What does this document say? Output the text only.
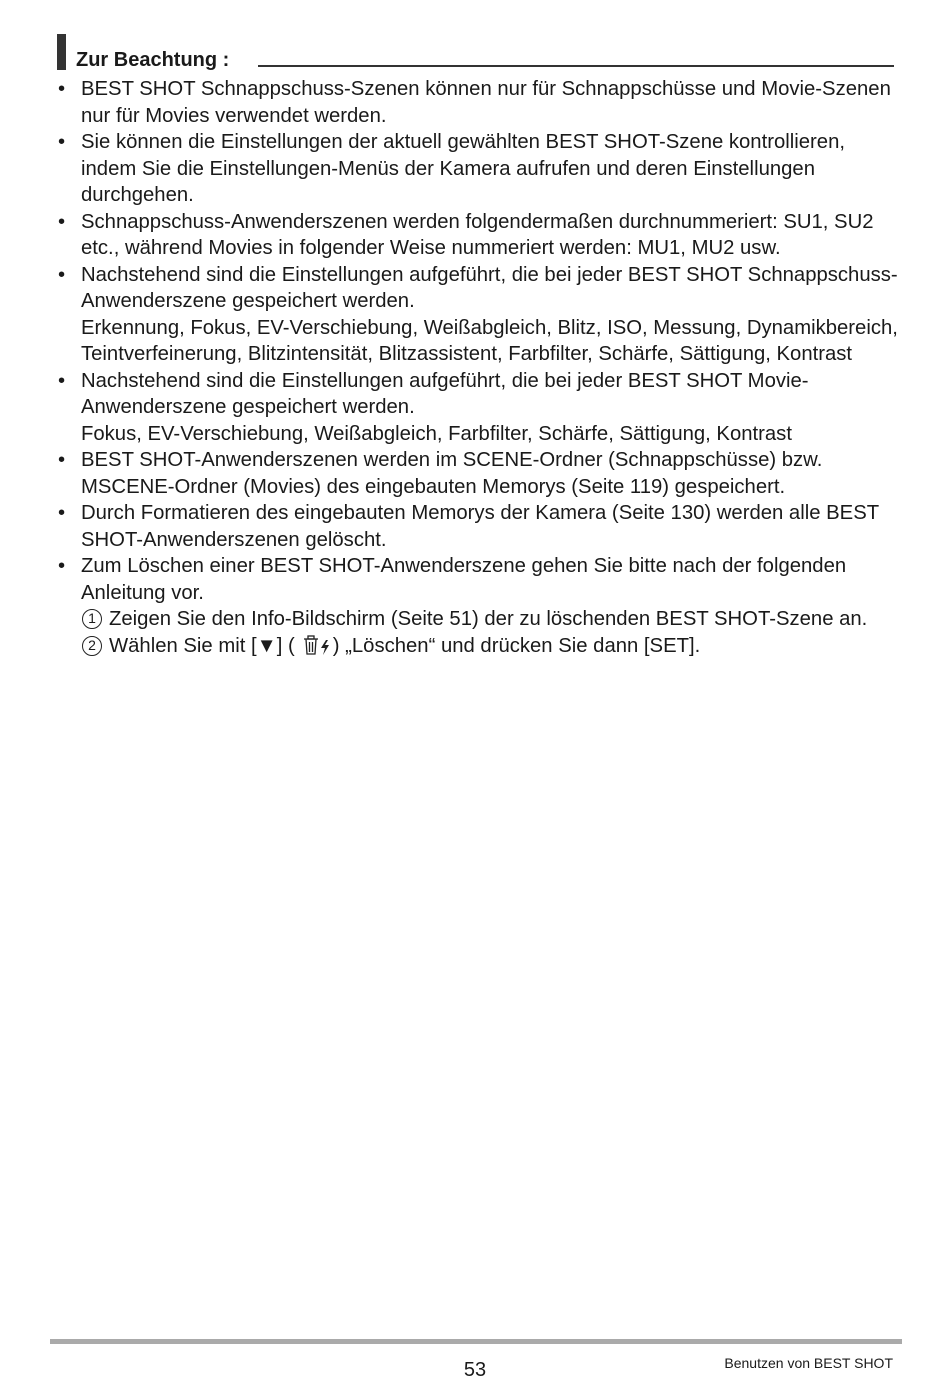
Zur Beachtung :
• BEST SHOT Schnappschuss-Szenen können nur für Schnappschüsse und Movie-Szenen nur für Movies verwendet werden.
• Sie können die Einstellungen der aktuell gewählten BEST SHOT-Szene kontrollieren, indem Sie die Einstellungen-Menüs der Kamera aufrufen und deren Einstellungen durchgehen.
• Schnappschuss-Anwenderszenen werden folgendermaßen durchnummeriert: SU1, SU2 etc., während Movies in folgender Weise nummeriert werden: MU1, MU2 usw.
• Nachstehend sind die Einstellungen aufgeführt, die bei jeder BEST SHOT Schnappschuss-Anwenderszene gespeichert werden.
Erkennung, Fokus, EV-Verschiebung, Weißabgleich, Blitz, ISO, Messung, Dynamikbereich, Teintverfeinerung, Blitzintensität, Blitzassistent, Farbfilter, Schärfe, Sättigung, Kontrast
• Nachstehend sind die Einstellungen aufgeführt, die bei jeder BEST SHOT Movie-Anwenderszene gespeichert werden.
Fokus, EV-Verschiebung, Weißabgleich, Farbfilter, Schärfe, Sättigung, Kontrast
• BEST SHOT-Anwenderszenen werden im SCENE-Ordner (Schnappschüsse) bzw. MSCENE-Ordner (Movies) des eingebauten Memorys (Seite 119) gespeichert.
• Durch Formatieren des eingebauten Memorys der Kamera (Seite 130) werden alle BEST SHOT-Anwenderszenen gelöscht.
• Zum Löschen einer BEST SHOT-Anwenderszene gehen Sie bitte nach der folgenden Anleitung vor.
1 Zeigen Sie den Info-Bildschirm (Seite 51) der zu löschenden BEST SHOT-Szene an.
2 Wählen Sie mit [▼] ( ) „Löschen“ und drücken Sie dann [SET].
53	Benutzen von BEST SHOT
